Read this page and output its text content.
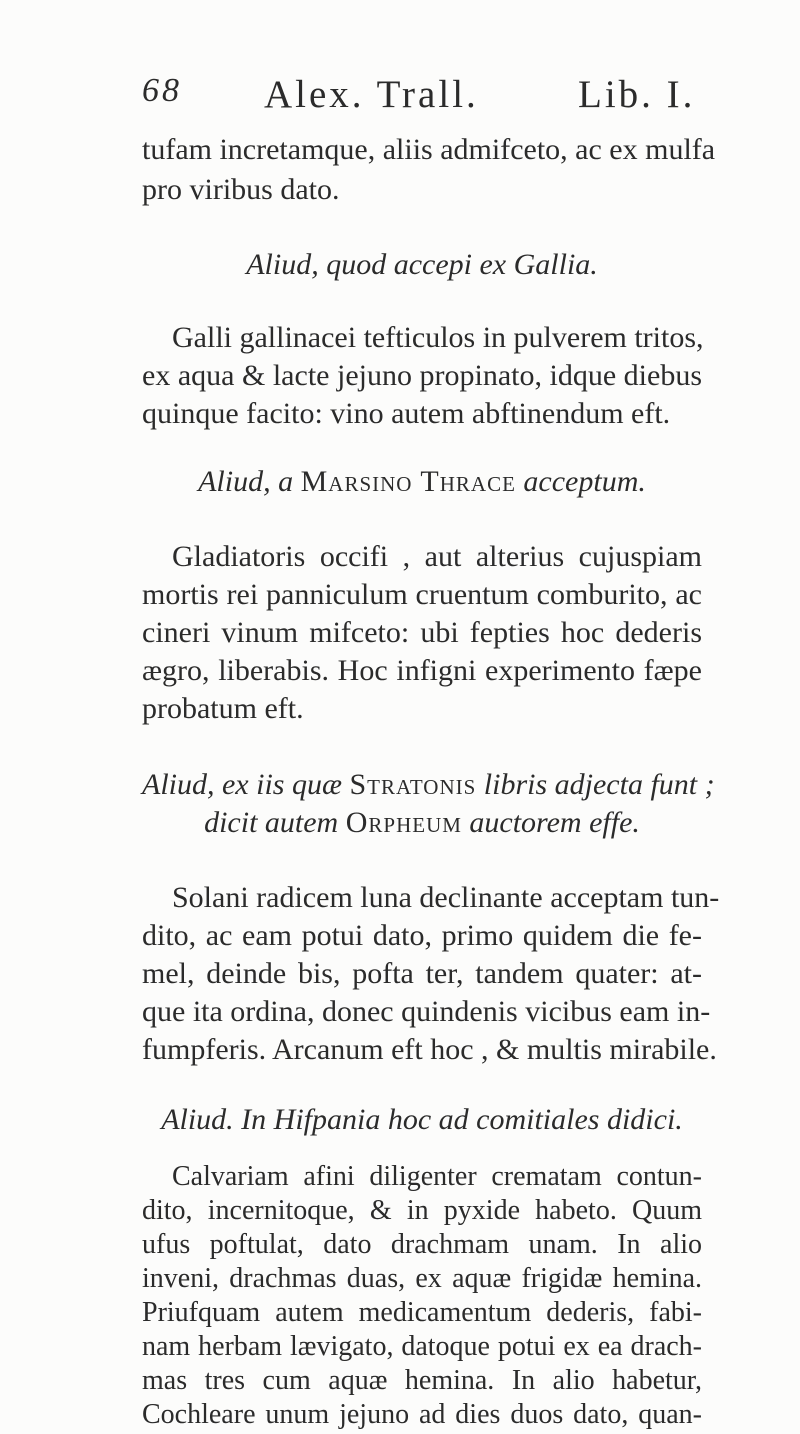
68 Alex. Trall.	Lib. I.
tufam incretamque, aliis admifceto, ac ex mulfa
pro viribus dato.
Aliud, quod accepi ex Gallia.
Galli gallinacei tefticulos in pulverem tritos,
ex aqua & lacte jejuno propinato, idque diebus
quinque facito: vino autem abftinendum eft.
Aliud, a Marsino Thrace acceptum.
Gladiatoris occifi , aut alterius cujuspiam
mortis rei panniculum cruentum comburito, ac
cineri vinum mifceto: ubi fepties hoc dederis
ægro, liberabis. Hoc infigni experimento fæpe
probatum eft.
Aliud, ex iis quæ Stratonis libris adjecta funt ;
dicit autem Orpheum auctorem effe.
Solani radicem luna declinante acceptam tun-
dito, ac eam potui dato, primo quidem die fe-
mel, deinde bis, pofta ter, tandem quater: at-
que ita ordina, donec quindenis vicibus eam in-
fumpferis. Arcanum eft hoc , & multis mirabile.
Aliud. In Hifpania hoc ad comitiales didici.
Calvariam afini diligenter crematam contun-
dito, incernitoque, & in pyxide habeto. Quum
ufus poftulat, dato drachmam unam. In alio
inveni, drachmas duas, ex aquæ frigidæ hemina.
Priufquam autem medicamentum dederis, fabi-
nam herbam lævigato, datoque potui ex ea drach-
mas tres cum aquæ hemina. In alio habetur,
Cochleare unum jejuno ad dies duos dato, quan-
